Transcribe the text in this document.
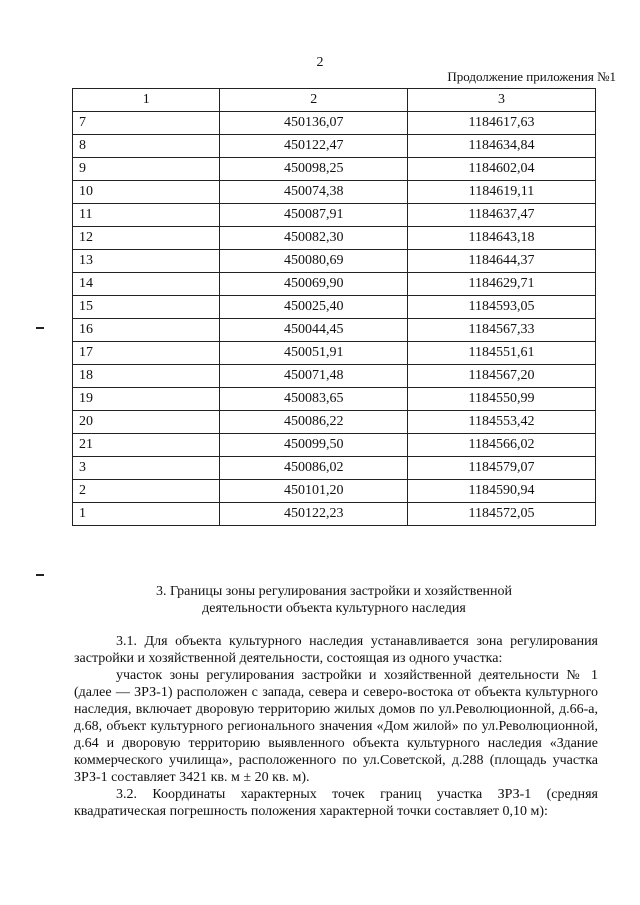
2
Продолжение приложения №1
1	2	3
7	450136,07	1184617,63
8	450122,47	1184634,84
9	450098,25	1184602,04
10	450074,38	1184619,11
11	450087,91	1184637,47
12	450082,30	1184643,18
13	450080,69	1184644,37
14	450069,90	1184629,71
15	450025,40	1184593,05
16	450044,45	1184567,33
17	450051,91	1184551,61
18	450071,48	1184567,20
19	450083,65	1184550,99
20	450086,22	1184553,42
21	450099,50	1184566,02
3	450086,02	1184579,07
2	450101,20	1184590,94
1	450122,23	1184572,05
3. Границы зоны регулирования застройки и хозяйственной
деятельности объекта культурного наследия

3.1. Для объекта культурного наследия устанавливается зона регулирования застройки и хозяйственной деятельности, состоящая из одного участка:

участок зоны регулирования застройки и хозяйственной деятельности № 1 (далее — ЗРЗ-1) расположен с запада, севера и северо-востока от объекта культурного наследия, включает дворовую территорию жилых домов по ул.Революционной, д.66-а, д.68, объект культурного регионального значения «Дом жилой» по ул.Революционной, д.64 и дворовую территорию выявленного объекта культурного наследия «Здание коммерческого училища», расположенного по ул.Советской, д.288 (площадь участка ЗРЗ-1 составляет 3421 кв. м ± 20 кв. м).

3.2. Координаты характерных точек границ участка ЗРЗ-1 (средняя квадратическая погрешность положения характерной точки составляет 0,10 м):
